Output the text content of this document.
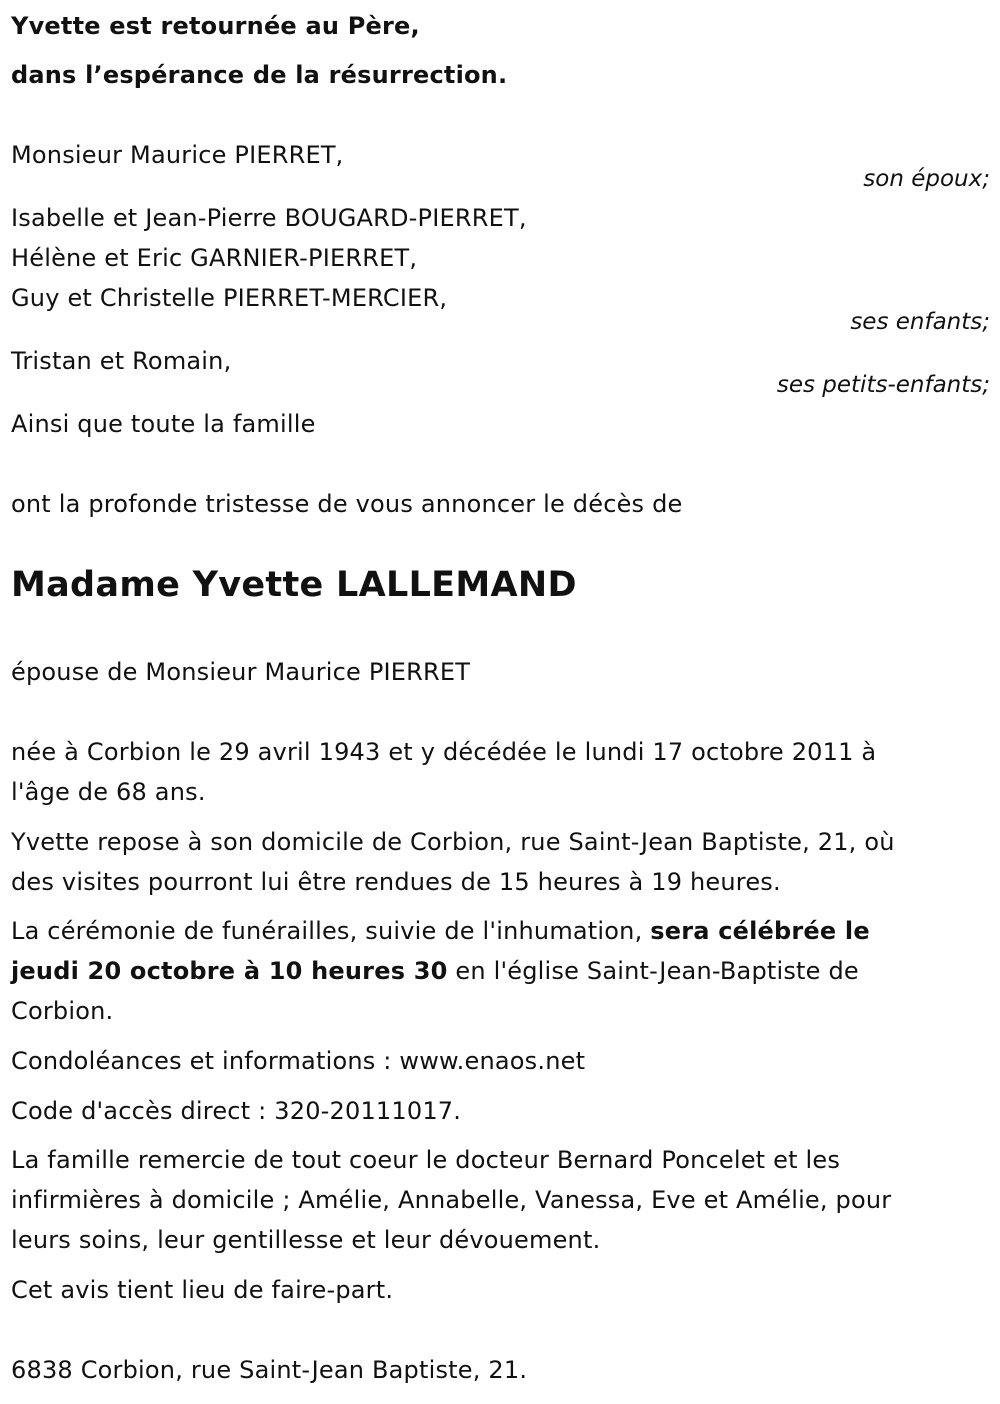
Yvette est retournée au Père,
dans l’espérance de la résurrection.
Monsieur Maurice PIERRET,
son époux;
Isabelle et Jean-Pierre BOUGARD-PIERRET,
Hélène et Eric GARNIER-PIERRET,
Guy et Christelle PIERRET-MERCIER,
ses enfants;
Tristan et Romain,
ses petits-enfants;
Ainsi que toute la famille
ont la profonde tristesse de vous annoncer le décès de
Madame Yvette LALLEMAND
épouse de Monsieur Maurice PIERRET
née à Corbion le 29 avril 1943 et y décédée le lundi 17 octobre 2011 à
l'âge de 68 ans.
Yvette repose à son domicile de Corbion, rue Saint-Jean Baptiste, 21, où
des visites pourront lui être rendues de 15 heures à 19 heures.
La cérémonie de funérailles, suivie de l'inhumation, sera célébrée le
jeudi 20 octobre à 10 heures 30 en l'église Saint-Jean-Baptiste de
Corbion.
Condoléances et informations : www.enaos.net
Code d'accès direct : 320-20111017.
La famille remercie de tout coeur le docteur Bernard Poncelet et les
infirmières à domicile ; Amélie, Annabelle, Vanessa, Eve et Amélie, pour
leurs soins, leur gentillesse et leur dévouement.
Cet avis tient lieu de faire-part.
6838 Corbion, rue Saint-Jean Baptiste, 21.
